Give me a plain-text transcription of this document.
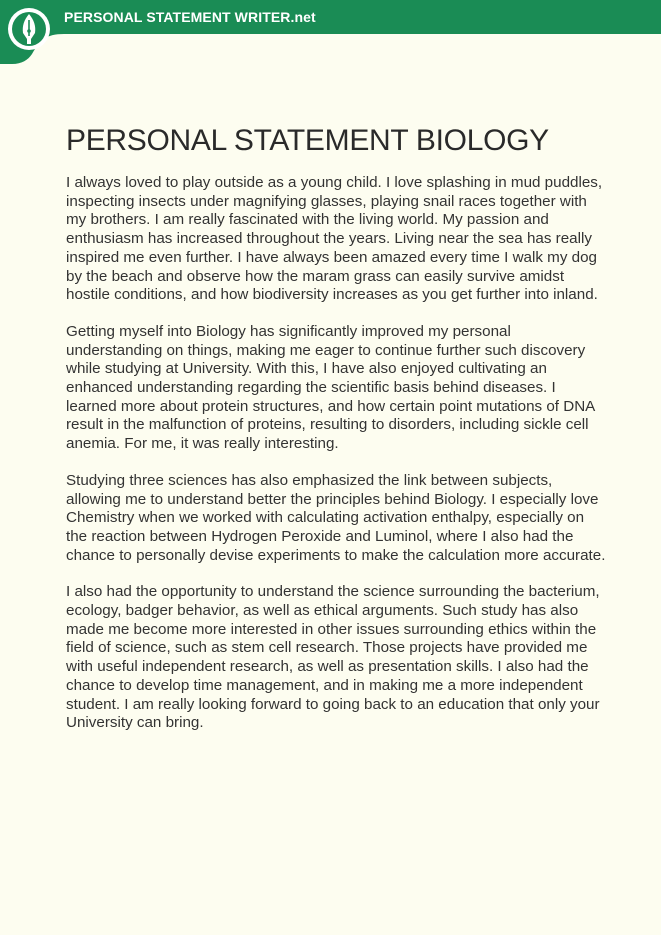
PERSONAL STATEMENT WRITER.net
PERSONAL STATEMENT BIOLOGY

I always loved to play outside as a young child. I love splashing in mud puddles, inspecting insects under magnifying glasses, playing snail races together with my brothers. I am really fascinated with the living world. My passion and enthusiasm has increased throughout the years. Living near the sea has really inspired me even further. I have always been amazed every time I walk my dog by the beach and observe how the maram grass can easily survive amidst hostile conditions, and how biodiversity increases as you get further into inland.

Getting myself into Biology has significantly improved my personal understanding on things, making me eager to continue further such discovery while studying at University. With this, I have also enjoyed cultivating an enhanced understanding regarding the scientific basis behind diseases. I learned more about protein structures, and how certain point mutations of DNA result in the malfunction of proteins, resulting to disorders, including sickle cell anemia. For me, it was really interesting.

Studying three sciences has also emphasized the link between subjects, allowing me to understand better the principles behind Biology. I especially love Chemistry when we worked with calculating activation enthalpy, especially on the reaction between Hydrogen Peroxide and Luminol, where I also had the chance to personally devise experiments to make the calculation more accurate.

I also had the opportunity to understand the science surrounding the bacterium, ecology, badger behavior, as well as ethical arguments. Such study has also made me become more interested in other issues surrounding ethics within the field of science, such as stem cell research. Those projects have provided me with useful independent research, as well as presentation skills. I also had the chance to develop time management, and in making me a more independent student. I am really looking forward to going back to an education that only your University can bring.
